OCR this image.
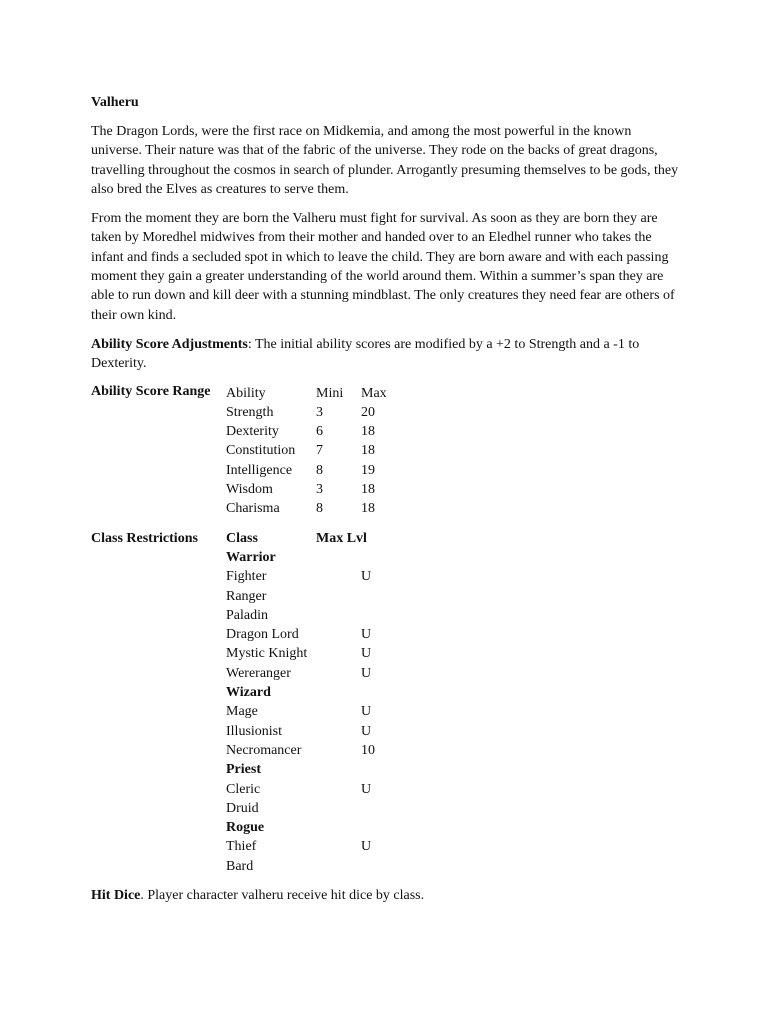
Valheru

The Dragon Lords, were the first race on Midkemia, and among the most powerful in the known universe. Their nature was that of the fabric of the universe. They rode on the backs of great dragons, travelling throughout the cosmos in search of plunder. Arrogantly presuming themselves to be gods, they also bred the Elves as creatures to serve them.

From the moment they are born the Valheru must fight for survival. As soon as they are born they are taken by Moredhel midwives from their mother and handed over to an Eledhel runner who takes the infant and finds a secluded spot in which to leave the child. They are born aware and with each passing moment they gain a greater understanding of the world around them. Within a summer’s span they are able to run down and kill deer with a stunning mindblast. The only creatures they need fear are others of their own kind.

Ability Score Adjustments: The initial ability scores are modified by a +2 to Strength and a -1 to Dexterity.

Ability Score Range	Ability	Mini	Max
Strength	3	20
Dexterity	6	18
Constitution	7	18
Intelligence	8	19
Wisdom	3	18
Charisma	8	18
Class Restrictions	Class	Max Lvl
Warrior
Fighter	U
Ranger
Paladin
Dragon Lord	U
Mystic Knight	U
Wereranger	U
Wizard
Mage	U
Illusionist	U
Necromancer	10
Priest
Cleric	U
Druid
Rogue
Thief	U
Bard

Hit Dice. Player character valheru receive hit dice by class.
